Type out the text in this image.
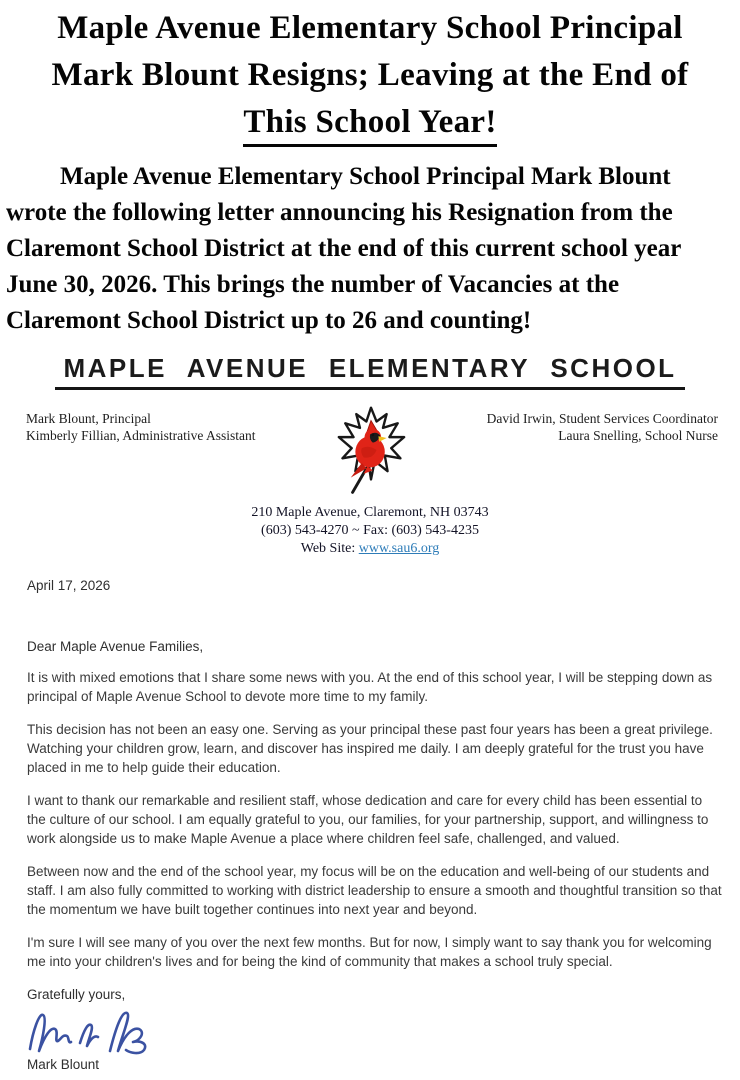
Maple Avenue Elementary School Principal
Mark Blount Resigns; Leaving at the End of
This School Year!
Maple Avenue Elementary School Principal Mark Blount wrote the following letter announcing his Resignation from the Claremont School District at the end of this current school year June 30, 2026. This brings the number of Vacancies at the Claremont School District up to 26 and counting!
MAPLE AVENUE ELEMENTARY SCHOOL
Mark Blount, Principal
Kimberly Fillian, Administrative Assistant
David Irwin, Student Services Coordinator
Laura Snelling, School Nurse
210 Maple Avenue, Claremont, NH 03743
(603) 543-4270 ~ Fax: (603) 543-4235
Web Site: www.sau6.org
April 17, 2026
Dear Maple Avenue Families,
It is with mixed emotions that I share some news with you. At the end of this school year, I will be stepping down as principal of Maple Avenue School to devote more time to my family.
This decision has not been an easy one. Serving as your principal these past four years has been a great privilege. Watching your children grow, learn, and discover has inspired me daily. I am deeply grateful for the trust you have placed in me to help guide their education.
I want to thank our remarkable and resilient staff, whose dedication and care for every child has been essential to the culture of our school. I am equally grateful to you, our families, for your partnership, support, and willingness to work alongside us to make Maple Avenue a place where children feel safe, challenged, and valued.
Between now and the end of the school year, my focus will be on the education and well-being of our students and staff. I am also fully committed to working with district leadership to ensure a smooth and thoughtful transition so that the momentum we have built together continues into next year and beyond.
I'm sure I will see many of you over the next few months. But for now, I simply want to say thank you for welcoming me into your children's lives and for being the kind of community that makes a school truly special.
Gratefully yours,
Mark Blount
